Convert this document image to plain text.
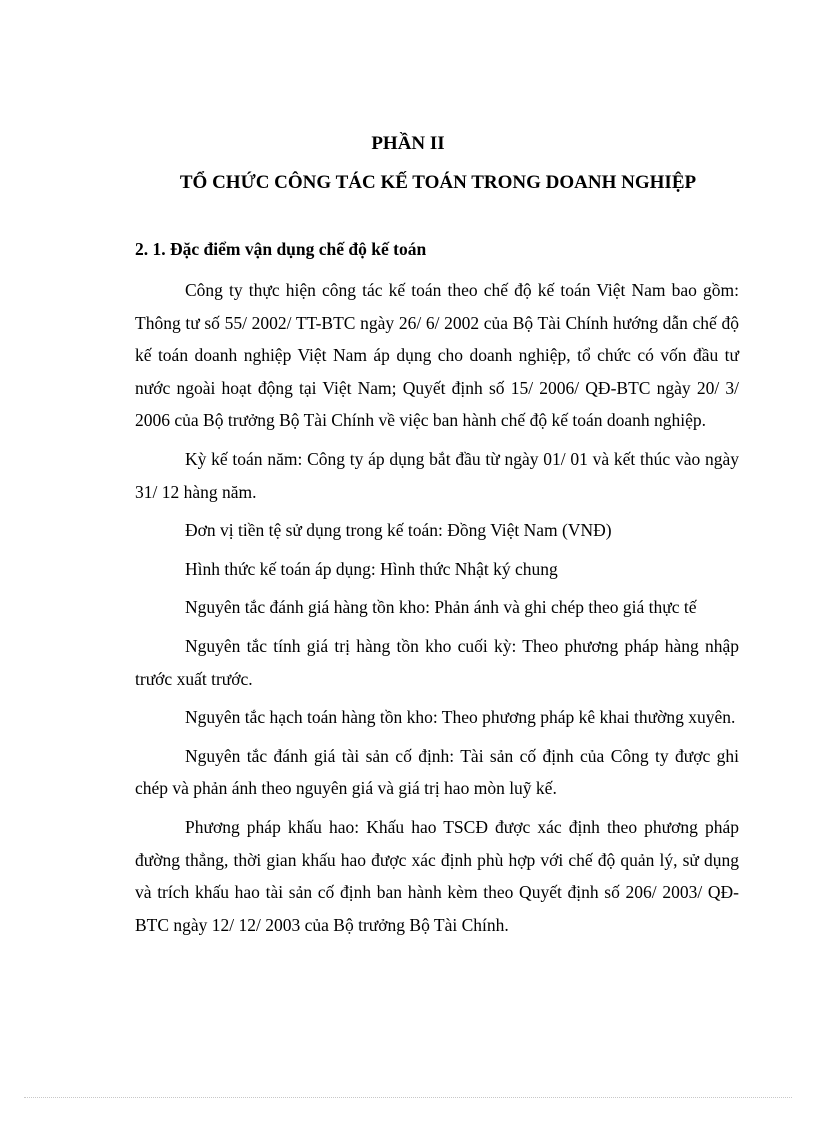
PHẦN II
TỔ CHỨC CÔNG TÁC KẾ TOÁN TRONG DOANH NGHIỆP
2. 1. Đặc điểm vận dụng chế độ kế toán

Công ty thực hiện công tác kế toán theo chế độ kế toán Việt Nam bao gồm: Thông tư số 55/ 2002/ TT-BTC ngày 26/ 6/ 2002 của Bộ Tài Chính hướng dẫn chế độ kế toán doanh nghiệp Việt Nam áp dụng cho doanh nghiệp, tổ chức có vốn đầu tư nước ngoài hoạt động tại Việt Nam; Quyết định số 15/ 2006/ QĐ-BTC ngày 20/ 3/ 2006 của Bộ trưởng Bộ Tài Chính về việc ban hành chế độ kế toán doanh nghiệp.

Kỳ kế toán năm: Công ty áp dụng bắt đầu từ ngày 01/ 01 và kết thúc vào ngày 31/ 12 hàng năm.

Đơn vị tiền tệ sử dụng trong kế toán: Đồng Việt Nam (VNĐ)

Hình thức kế toán áp dụng: Hình thức Nhật ký chung

Nguyên tắc đánh giá hàng tồn kho: Phản ánh và ghi chép theo giá thực tế

Nguyên tắc tính giá trị hàng tồn kho cuối kỳ: Theo phương pháp hàng nhập trước xuất trước.

Nguyên tắc hạch toán hàng tồn kho: Theo phương pháp kê khai thường xuyên.

Nguyên tắc đánh giá tài sản cố định: Tài sản cố định của Công ty được ghi chép và phản ánh theo nguyên giá và giá trị hao mòn luỹ kế.

Phương pháp khấu hao: Khấu hao TSCĐ được xác định theo phương pháp đường thẳng, thời gian khấu hao được xác định phù hợp với chế độ quản lý, sử dụng và trích khấu hao tài sản cố định ban hành kèm theo Quyết định số 206/ 2003/ QĐ-BTC ngày 12/ 12/ 2003 của Bộ trưởng Bộ Tài Chính.
